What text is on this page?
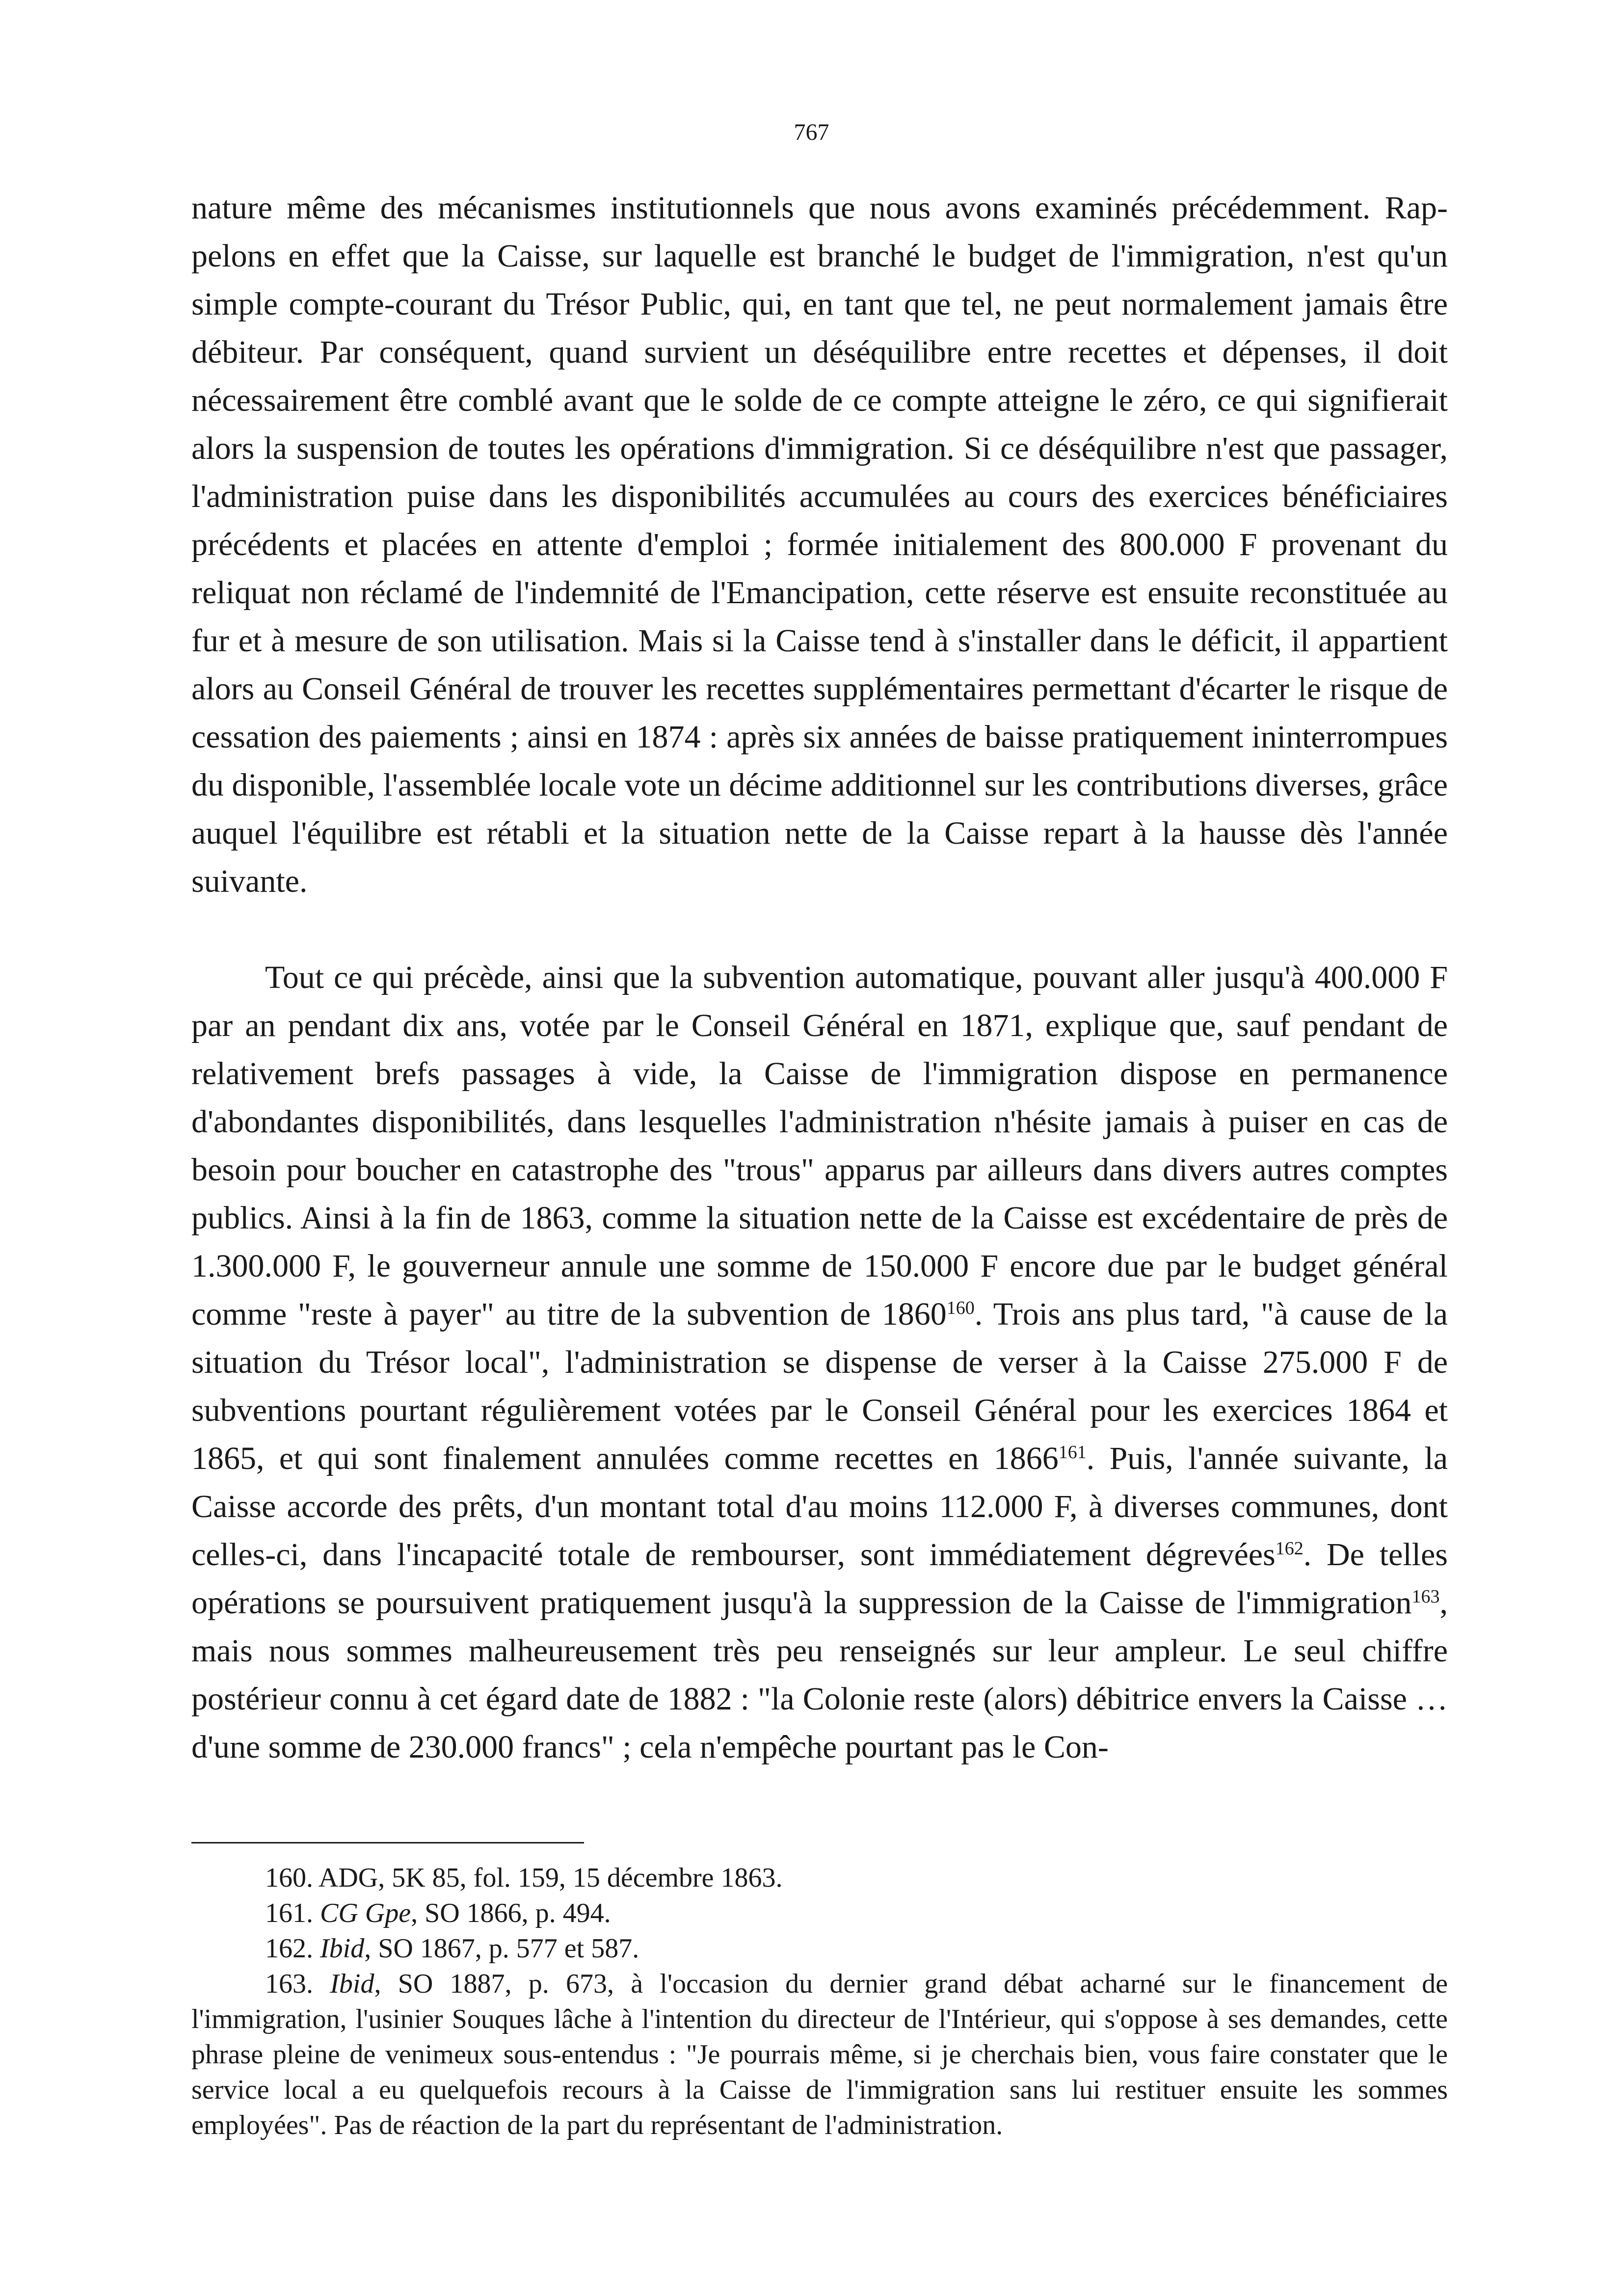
767

nature même des mécanismes institutionnels que nous avons examinés précédemment. Rappelons en effet que la Caisse, sur laquelle est branché le budget de l'immigration, n'est qu'un simple compte-courant du Trésor Public, qui, en tant que tel, ne peut normalement jamais être débiteur. Par conséquent, quand survient un déséquilibre entre recettes et dépenses, il doit nécessairement être comblé avant que le solde de ce compte atteigne le zéro, ce qui signifierait alors la suspension de toutes les opérations d'immigration. Si ce déséquilibre n'est que passager, l'administration puise dans les disponibilités accumulées au cours des exercices bénéficiaires précédents et placées en attente d'emploi ; formée initialement des 800.000 F provenant du reliquat non réclamé de l'indemnité de l'Emancipation, cette réserve est ensuite reconstituée au fur et à mesure de son utilisation. Mais si la Caisse tend à s'installer dans le déficit, il appartient alors au Conseil Général de trouver les recettes supplémentaires permettant d'écarter le risque de cessation des paiements ; ainsi en 1874 : après six années de baisse pratiquement ininterrompues du disponible, l'assemblée locale vote un décime additionnel sur les contributions diverses, grâce auquel l'équilibre est rétabli et la situation nette de la Caisse repart à la hausse dès l'année suivante.

Tout ce qui précède, ainsi que la subvention automatique, pouvant aller jusqu'à 400.000 F par an pendant dix ans, votée par le Conseil Général en 1871, explique que, sauf pendant de relativement brefs passages à vide, la Caisse de l'immigration dispose en permanence d'abondantes disponibilités, dans lesquelles l'administration n'hésite jamais à puiser en cas de besoin pour boucher en catastrophe des "trous" apparus par ailleurs dans divers autres comptes publics. Ainsi à la fin de 1863, comme la situation nette de la Caisse est excédentaire de près de 1.300.000 F, le gouverneur annule une somme de 150.000 F encore due par le budget général comme "reste à payer" au titre de la subvention de 1860$^{160}$. Trois ans plus tard, "à cause de la situation du Trésor local", l'administration se dispense de verser à la Caisse 275.000 F de subventions pourtant régulièrement votées par le Conseil Général pour les exercices 1864 et 1865, et qui sont finalement annulées comme recettes en 1866$^{161}$. Puis, l'année suivante, la Caisse accorde des prêts, d'un montant total d'au moins 112.000 F, à diverses communes, dont celles-ci, dans l'incapacité totale de rembourser, sont immédiatement dégrevées$^{162}$. De telles opérations se poursuivent pratiquement jusqu'à la suppression de la Caisse de l'immigration$^{163}$, mais nous sommes malheureusement très peu renseignés sur leur ampleur. Le seul chiffre postérieur connu à cet égard date de 1882 : "la Colonie reste (alors) débitrice envers la Caisse … d'une somme de 230.000 francs" ; cela n'empêche pourtant pas le Con-

160. ADG, 5K 85, fol. 159, 15 décembre 1863.

161. CG Gpe, SO 1866, p. 494.

162. Ibid, SO 1867, p. 577 et 587.

163. Ibid, SO 1887, p. 673, à l'occasion du dernier grand débat acharné sur le financement de l'immigration, l'usinier Souques lâche à l'intention du directeur de l'Intérieur, qui s'oppose à ses demandes, cette phrase pleine de venimeux sous-entendus : "Je pourrais même, si je cherchais bien, vous faire constater que le service local a eu quelquefois recours à la Caisse de l'immigration sans lui restituer ensuite les sommes employées". Pas de réaction de la part du représentant de l'administration.
